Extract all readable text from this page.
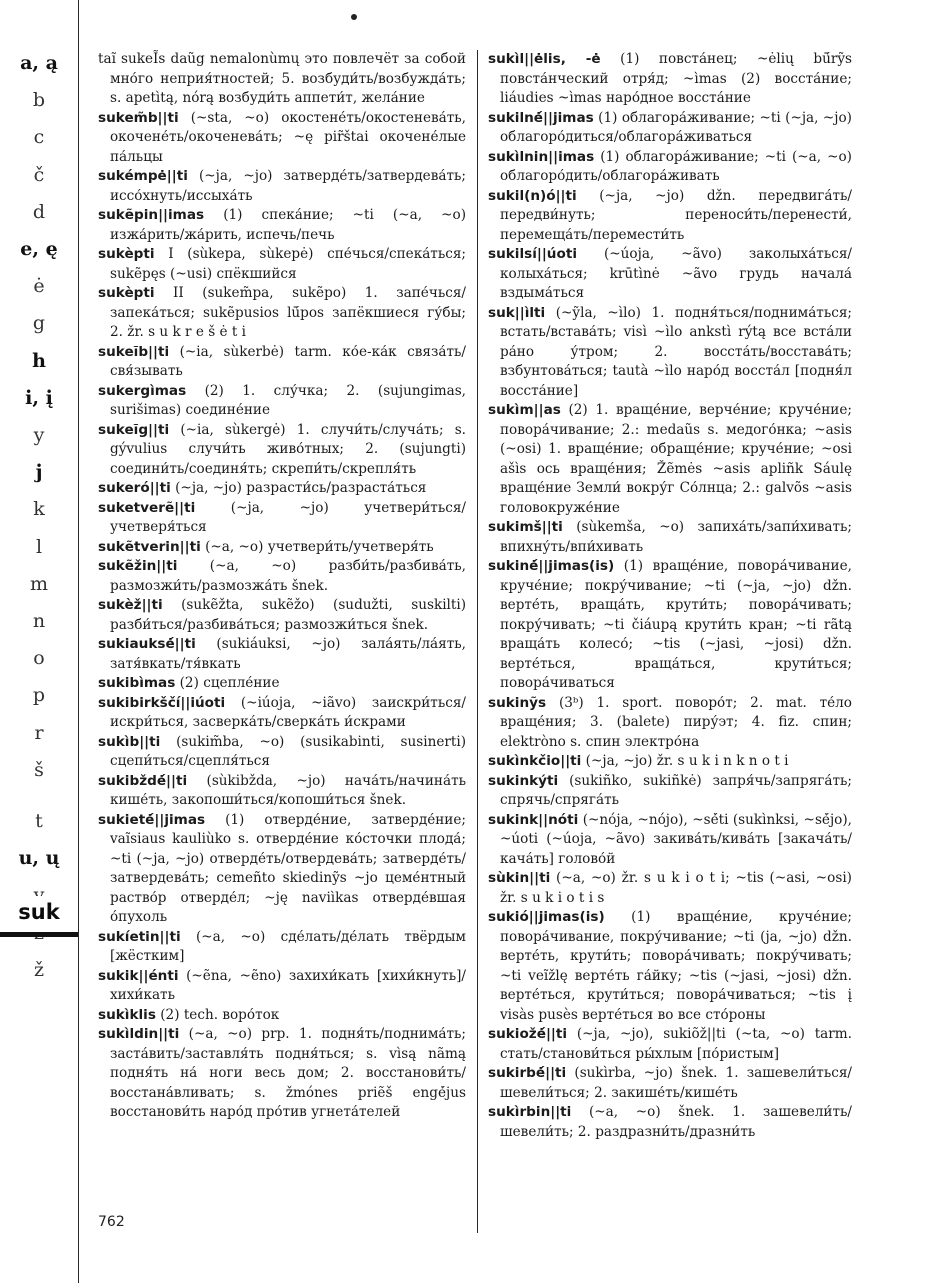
a, ą
b
c
č
d
e, ę
ė
g
h
i, į
y
j
k
l
m
n
o
p
r
š
t
u, ų
ž
suk

taĩ sukeĨs daũg nemalonùmų это повлечёт за собой мно́го неприя́тностей; 5. возбуди́ть/возбужда́ть; s. apetìtą, nórą возбуди́ть аппети́т, жела́ние

sukem̃b||ti (~sta, ~o) окостене́ть/окостенева́ть, окочене́ть/окоченева́ть; ~ę pir̃štai окочене́лые па́льцы

sukémpė||ti (~ja, ~jo) затверде́ть/затвердева́ть; иссо́хнуть/иссыха́ть

sukẽpin||imas (1) спека́ние; ~ti (~a, ~o) изжа́рить/жа́рить, испечь/печь

sukèpti I (sùkepa, sùkepė) спе́чься/спека́ться; sukẽpęs (~usi) спёкшийся

sukèpti II (sukem̃pa, sukẽpo) 1. запе́чься/запека́ться; sukẽpusios lū́pos запёкшиеся гу́бы; 2. žr. s u k r e š ė t i

sukeĩb||ti (~ia, sùkerbė) tarm. ко́е-ка́к связа́ть/свя́зывать

sukergìmas (2) 1. слу́чка; 2. (sujungimas, surišimas) соедине́ние

sukeĩg||ti (~ia, sùkergė) 1. случи́ть/случа́ть; s. gývulius случи́ть живо́тных; 2. (sujungti) соедини́ть/соединя́ть; скрепи́ть/скрепля́ть

sukeró||ti (~ja, ~jo) разрасти́сь/разраста́ться

suketverẽ||ti	(~ja, ~jo) учетвери́ться/учетверя́ться

sukẽtverin||ti (~a, ~o) учетвери́ть/учетверя́ть

sukẽžin||ti (~a, ~o) разби́ть/разбива́ть, размозжи́ть/размозжа́ть šnek.

sukèž||ti (sukẽžta, sukẽžo) (sudužti, suskilti) разби́ться/разбива́ться; размозжи́ться šnek.

sukiauksė́||ti (sukiáuksi, ~jo) зала́ять/ла́ять, затя́вкать/тя́вкать

sukibìmas (2) сцепле́ние

sukibirkščı́||iúoti (~iúoja, ~iãvo) заискри́ться/искри́ться, засверка́ть/сверка́ть и́скрами

sukìb||ti (sukim̃ba, ~o) (susikabinti, susinerti) сцепи́ться/сцепля́ться

sukibždė́||ti (sùkibžda, ~jo) нача́ть/начина́ть кише́ть, закопоши́ться/копоши́ться šnek.

sukietė́||jimas (1) отверде́ние, затверде́ние; vaĩsiaus kauliùko s. отверде́ние ко́сточки плода́; ~ti (~ja, ~jo) отверде́ть/отвердева́ть; затверде́ть/затвердева́ть; cemeñto skiedinỹs ~jo цеме́нтный раство́р отверде́л; ~ję naviìkas отверде́вшая о́пухоль

sukíetin||ti (~a, ~o) сде́лать/де́лать твёрдым [жёстким]

sukik||énti (~ẽna, ~ẽno) захихи́кать [хихи́кнуть]/хихи́кать

sukìklis (2) tech. воро́ток

sukìldin||ti (~a, ~o) prp. 1. подня́ть/поднима́ть; заста́вить/заставля́ть подня́ться; s. vìsą nãmą подня́ть на́ ноги весь дом; 2. восстанови́ть/восстана́вливать; s. žmónes priẽš engė́jus восстанови́ть наро́д про́тив угнета́телей

sukìl||ėlis, -ė (1) повста́нец; ~ėlių bū́rỹs повста́нческий отря́д; ~ìmas (2) восста́ние; liáudies ~ìmas наро́дное восста́ние

sukilnė́||jimas (1) облагора́живание; ~ti (~ja, ~jo) облагоро́диться/облагора́живаться

sukìlnin||imas (1) облагора́живание; ~ti (~a, ~o) облагоро́дить/облагора́живать

sukil(n)ó||ti (~ja, ~jo) džn. передвига́ть/передви́нуть; переноси́ть/перенести́, перемеща́ть/перемести́ть

sukilsı́||úoti (~úoja, ~ãvo) заколыха́ться/колыха́ться; krūtìnė ~ãvo грудь начала́ вздыма́ться

suk||ìlti (~ỹla, ~ìlo) 1. подня́ться/поднима́ться; встать/встава́ть; visì ~ìlo ankstì rýtą все вста́ли ра́но у́тром; 2. восста́ть/восстава́ть; взбунтова́ться; tautà ~ìlo наро́д восста́л [подня́л восста́ние]

sukìm||as (2) 1. враще́ние, верче́ние; круче́ние; повора́чивание; 2.: medaũs s. медого́нка; ~asis (~osi) 1. враще́ние; обраще́ние; круче́ние; ~osi ašìs ось враще́ния; Žẽmės ~asis apliñk Sáulę враще́ние Земли́ вокру́г Со́лнца; 2.: galvõs ~asis головокруже́ние

sukimš||ti (sùkemša, ~o) запиха́ть/запи́хивать; впихну́ть/впи́хивать

sukinė́||jimas(is) (1) враще́ние, повора́чивание, круче́ние; покру́чивание; ~ti (~ja, ~jo) džn. верте́ть, враща́ть, крути́ть; повора́чивать; покру́чивать; ~ti čiáupą крути́ть кран; ~ti rãtą враща́ть колесо́; ~tis (~jasi, ~josi) džn. верте́ться, враща́ться, крути́ться; повора́чиваться

sukinỹs (3ᵇ) 1. sport. поворо́т; 2. mat. те́ло враще́ния; 3. (balete) пиру́эт; 4. fiz. спин; elektròno s. спин электро́на

sukìnkčio||ti (~ja, ~jo) žr. s u k i n k n o t i

sukinkýti (sukiñko, sukiñkė) запря́чь/запряга́ть; спрячь/спряга́ть

sukink||nóti (~nója, ~nójo), ~sė́ti (sukìnksi, ~sė́jo), ~úoti (~úoja, ~ãvo) закива́ть/кива́ть [закача́ть/кача́ть] голово́й

sùkin||ti (~a, ~o) žr. s u k i o t i; ~tis (~asi, ~osi) žr. s u k i o t i s

sukió||jimas(is) (1) враще́ние, круче́ние; повора́чивание, покру́чивание; ~ti (ja, ~jo) džn. верте́ть, крути́ть; повора́чивать; покру́чивать; ~ti veĩžlę верте́ть га́йку; ~tis (~jasi, ~josi) džn. верте́ться, крути́ться; повора́чиваться; ~tis į visàs pusès верте́ться во все сто́роны

sukiožė́||ti (~ja, ~jo), sukiõž||ti (~ta, ~o) tarm. стать/станови́ться ры́хлым [по́ристым]

sukirbė́||ti (sukìrba, ~jo) šnek. 1. зашевели́ться/шевели́ться; 2. закише́ть/кише́ть

sukìrbin||ti (~a, ~o) šnek. 1. зашевели́ть/шевели́ть; 2. раздразни́ть/дразни́ть

762
